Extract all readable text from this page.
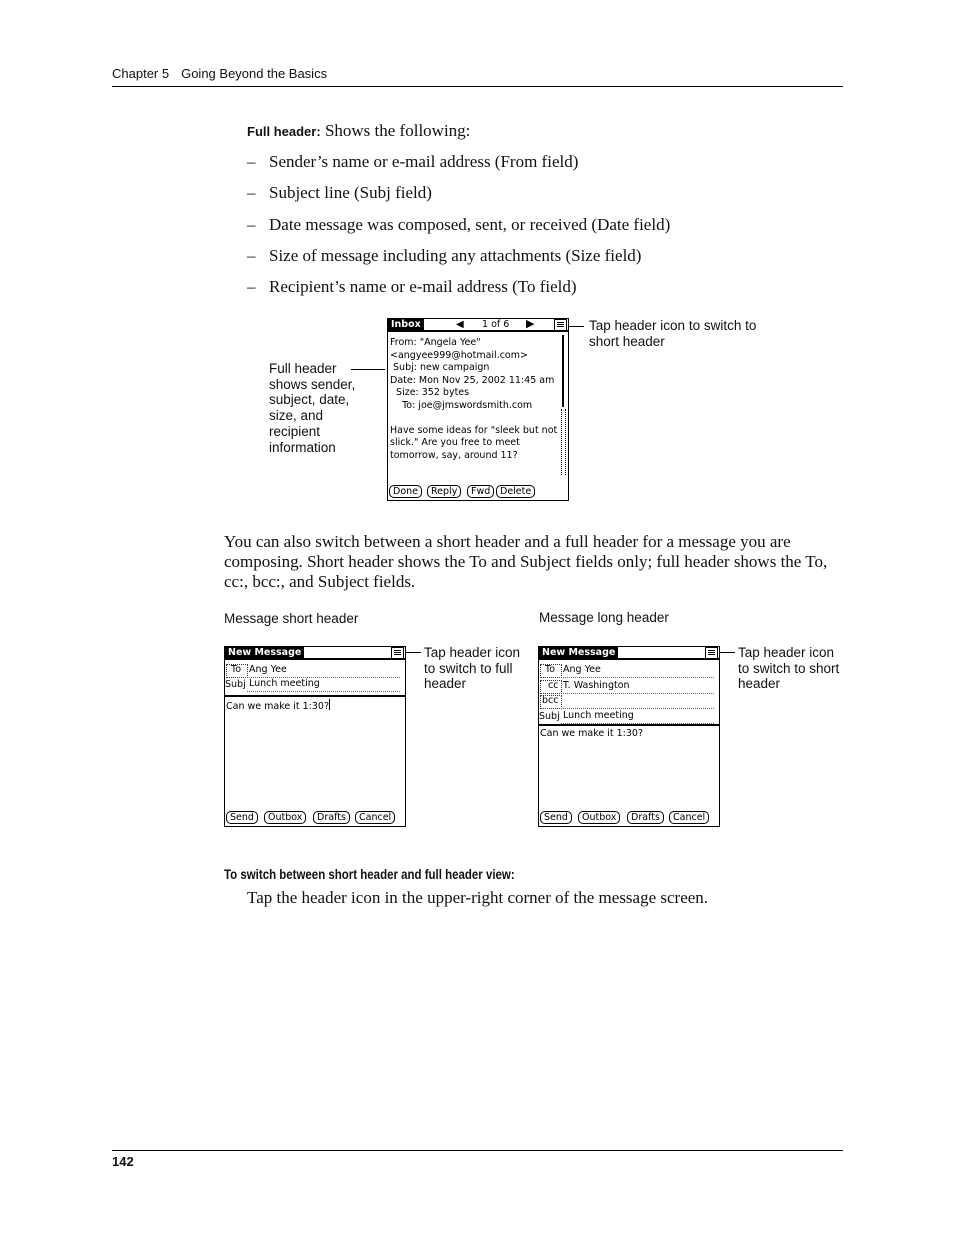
Chapter 5 Going Beyond the Basics
Full header: Shows the following:
– Sender’s name or e-mail address (From field)
– Subject line (Subj field)
– Date message was composed, sent, or received (Date field)
– Size of message including any attachments (Size field)
– Recipient’s name or e-mail address (To field)
Full header shows sender, subject, date, size, and recipient information
Tap header icon to switch to short header
Inbox	◀ 1 of 6 ▶
From: "Angela Yee"
<angyee999@hotmail.com>
Subj: new campaign
Date: Mon Nov 25, 2002 11:45 am
Size: 352 bytes
To: joe@jmswordsmith.com
Have some ideas for "sleek but not
slick." Are you free to meet
tomorrow, say, around 11?
Done	Reply	Fwd	Delete
You can also switch between a short header and a full header for a message you are composing. Short header shows the To and Subject fields only; full header shows the To, cc:, bcc:, and Subject fields.
Message short header
Tap header icon to switch to full header
New Message
To Ang Yee
Subj Lunch meeting
Can we make it 1:30?
Send	Outbox	Drafts	Cancel
Message long header
Tap header icon to switch to short header
New Message
To Ang Yee
cc T. Washington
bcc
Subj Lunch meeting
Can we make it 1:30?
Send	Outbox	Drafts	Cancel
To switch between short header and full header view:
Tap the header icon in the upper-right corner of the message screen.
142
